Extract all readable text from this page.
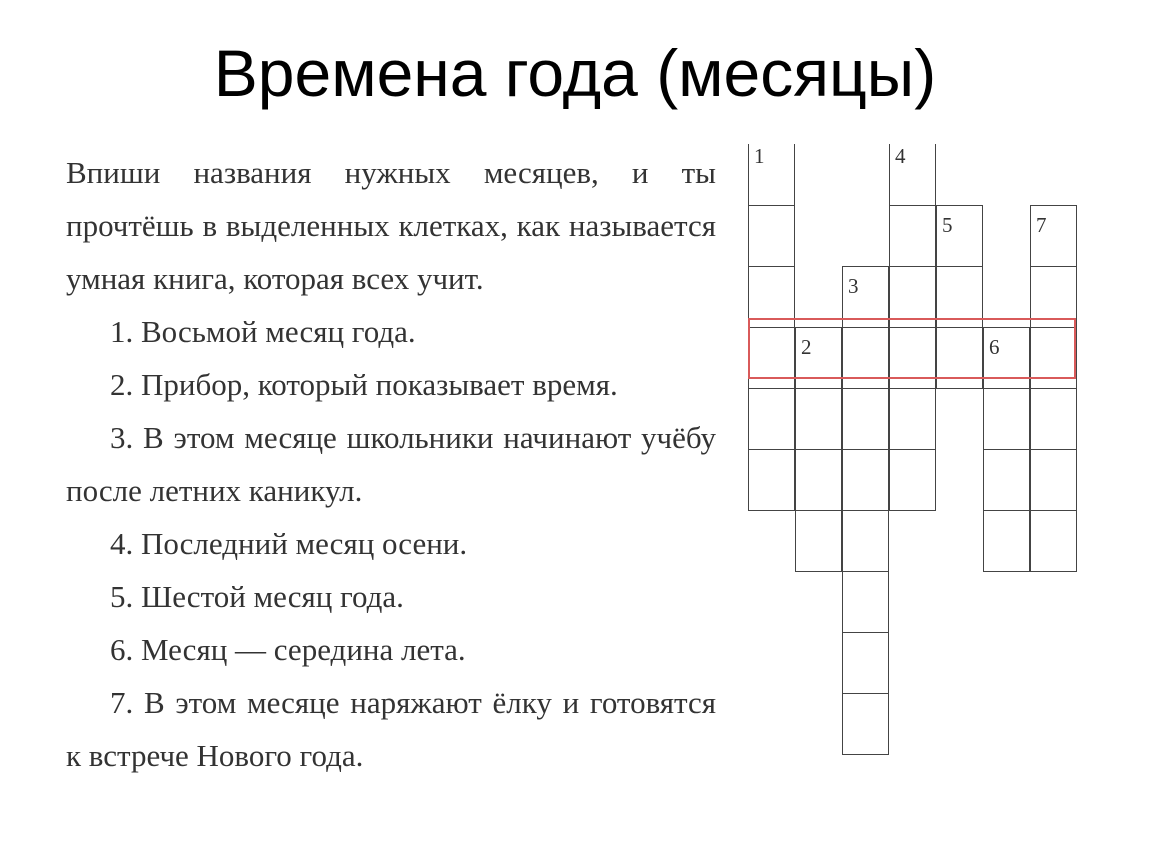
Времена года (месяцы)

Впиши названия нужных месяцев, и ты прочтёшь в выделенных клетках, как называется умная книга, которая всех учит.

1. Восьмой месяц года.

2. Прибор, который показывает время.

3. В этом месяце школьники начинают учёбу после летних каникул.

4. Последний месяц осени.

5. Шестой месяц года.

6. Месяц — середина лета.

7. В этом месяце наряжают ёлку и готовятся к встрече Нового года.

1
2
3
4
5
6
7
